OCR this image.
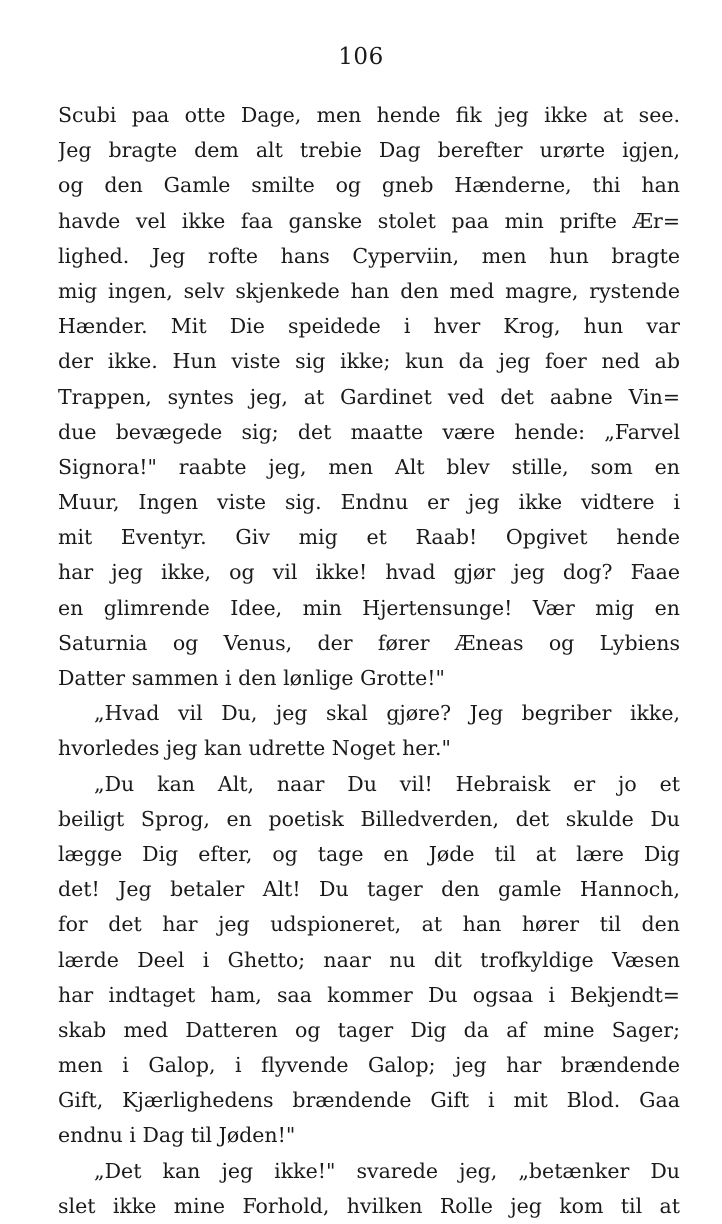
106
Scubi paa otte Dage, men hende fik jeg ikke at see.
Jeg bragte dem alt trebie Dag berefter urørte igjen,
og den Gamle smilte og gneb Hænderne, thi han
havde vel ikke faa ganske stolet paa min prifte Ær=
lighed. Jeg rofte hans Cyperviin, men hun bragte
mig ingen, selv skjenkede han den med magre, rystende
Hænder. Mit Die speidede i hver Krog, hun var
der ikke. Hun viste sig ikke; kun da jeg foer ned ab
Trappen, syntes jeg, at Gardinet ved det aabne Vin=
due bevægede sig; det maatte være hende: „Farvel
Signora!" raabte jeg, men Alt blev stille, som en
Muur, Ingen viste sig. Endnu er jeg ikke vidtere i
mit Eventyr. Giv mig et Raab! Opgivet hende
har jeg ikke, og vil ikke! hvad gjør jeg dog? Faae
en glimrende Idee, min Hjertensunge! Vær mig en
Saturnia og Venus, der fører Æneas og Lybiens
Datter sammen i den lønlige Grotte!"
„Hvad vil Du, jeg skal gjøre? Jeg begriber ikke,
hvorledes jeg kan udrette Noget her."
„Du kan Alt, naar Du vil! Hebraisk er jo et
beiligt Sprog, en poetisk Billedverden, det skulde Du
lægge Dig efter, og tage en Jøde til at lære Dig
det! Jeg betaler Alt! Du tager den gamle Hannoch,
for det har jeg udspioneret, at han hører til den
lærde Deel i Ghetto; naar nu dit trofkyldige Væsen
har indtaget ham, saa kommer Du ogsaa i Bekjendt=
skab med Datteren og tager Dig da af mine Sager;
men i Galop, i flyvende Galop; jeg har brændende
Gift, Kjærlighedens brændende Gift i mit Blod. Gaa
endnu i Dag til Jøden!"
„Det kan jeg ikke!" svarede jeg, „betænker Du
slet ikke mine Forhold, hvilken Rolle jeg kom til at
